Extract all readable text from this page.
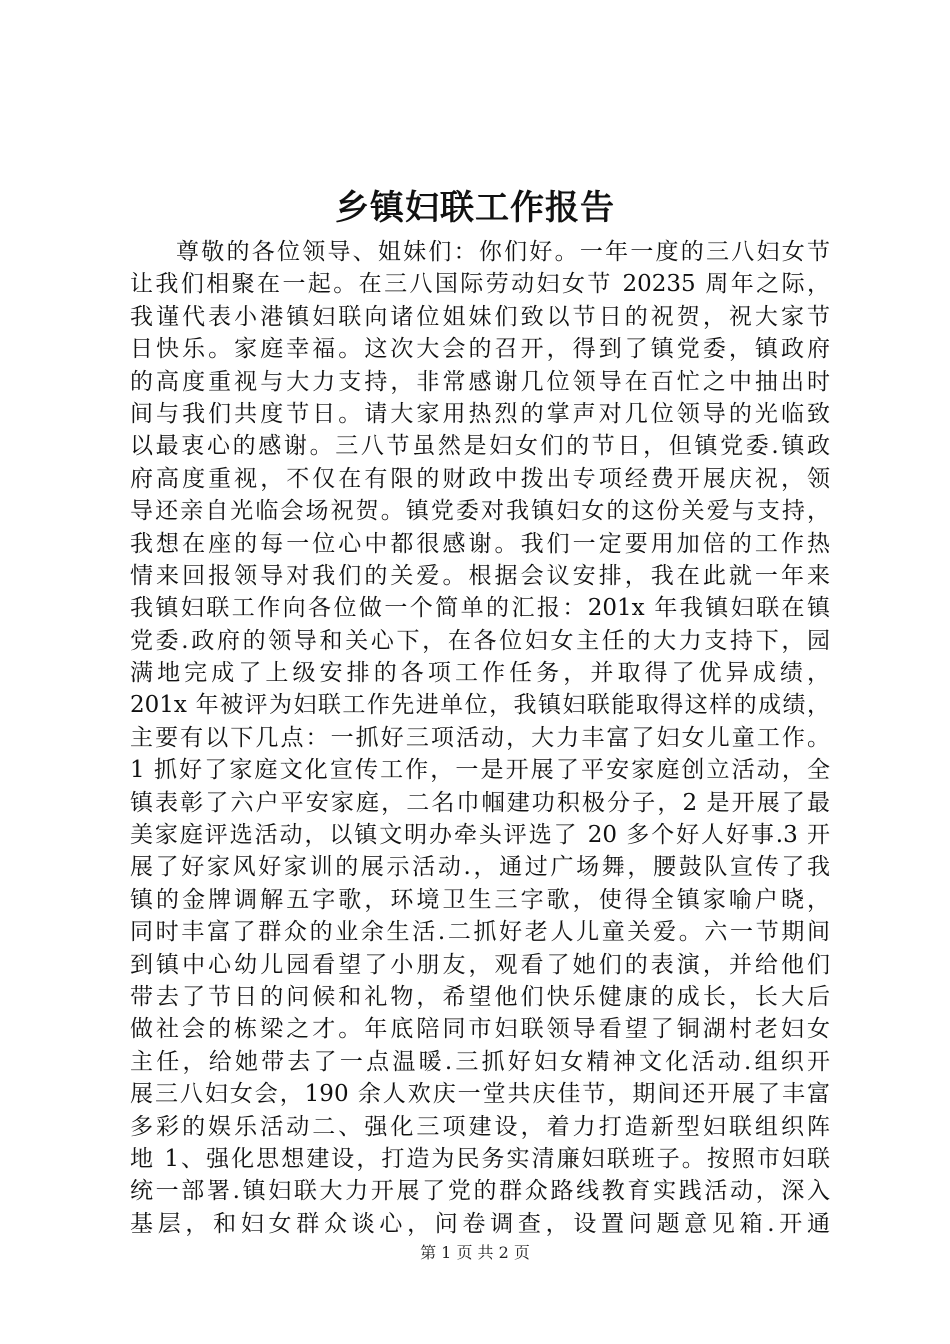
乡镇妇联工作报告
尊敬的各位领导、姐妹们：你们好。一年一度的三八妇女节
让我们相聚在一起。在三八国际劳动妇女节 20235 周年之际，
我谨代表小港镇妇联向诸位姐妹们致以节日的祝贺，祝大家节
日快乐。家庭幸福。这次大会的召开，得到了镇党委，镇政府
的高度重视与大力支持，非常感谢几位领导在百忙之中抽出时
间与我们共度节日。请大家用热烈的掌声对几位领导的光临致
以最衷心的感谢。三八节虽然是妇女们的节日，但镇党委.镇政
府高度重视，不仅在有限的财政中拨出专项经费开展庆祝，领
导还亲自光临会场祝贺。镇党委对我镇妇女的这份关爱与支持，
我想在座的每一位心中都很感谢。我们一定要用加倍的工作热
情来回报领导对我们的关爱。根据会议安排，我在此就一年来
我镇妇联工作向各位做一个简单的汇报：201x 年我镇妇联在镇
党委.政府的领导和关心下，在各位妇女主任的大力支持下，园
满地完成了上级安排的各项工作任务，并取得了优异成绩，
201x 年被评为妇联工作先进单位，我镇妇联能取得这样的成绩，
主要有以下几点：一抓好三项活动，大力丰富了妇女儿童工作。
1 抓好了家庭文化宣传工作，一是开展了平安家庭创立活动，全
镇表彰了六户平安家庭，二名巾帼建功积极分子，2 是开展了最
美家庭评选活动，以镇文明办牵头评选了 20 多个好人好事.3 开
展了好家风好家训的展示活动.，通过广场舞，腰鼓队宣传了我
镇的金牌调解五字歌，环境卫生三字歌，使得全镇家喻户晓，
同时丰富了群众的业余生活.二抓好老人儿童关爱。六一节期间
到镇中心幼儿园看望了小朋友，观看了她们的表演，并给他们
带去了节日的问候和礼物，希望他们快乐健康的成长，长大后
做社会的栋梁之才。年底陪同市妇联领导看望了铜湖村老妇女
主任，给她带去了一点温暖.三抓好妇女精神文化活动.组织开
展三八妇女会，190 余人欢庆一堂共庆佳节，期间还开展了丰富
多彩的娱乐活动二、强化三项建设，着力打造新型妇联组织阵
地 1、强化思想建设，打造为民务实清廉妇联班子。按照市妇联
统一部署.镇妇联大力开展了党的群众路线教育实践活动，深入
基层，和妇女群众谈心，问卷调查，设置问题意见箱.开通
第 1 页 共 2 页
